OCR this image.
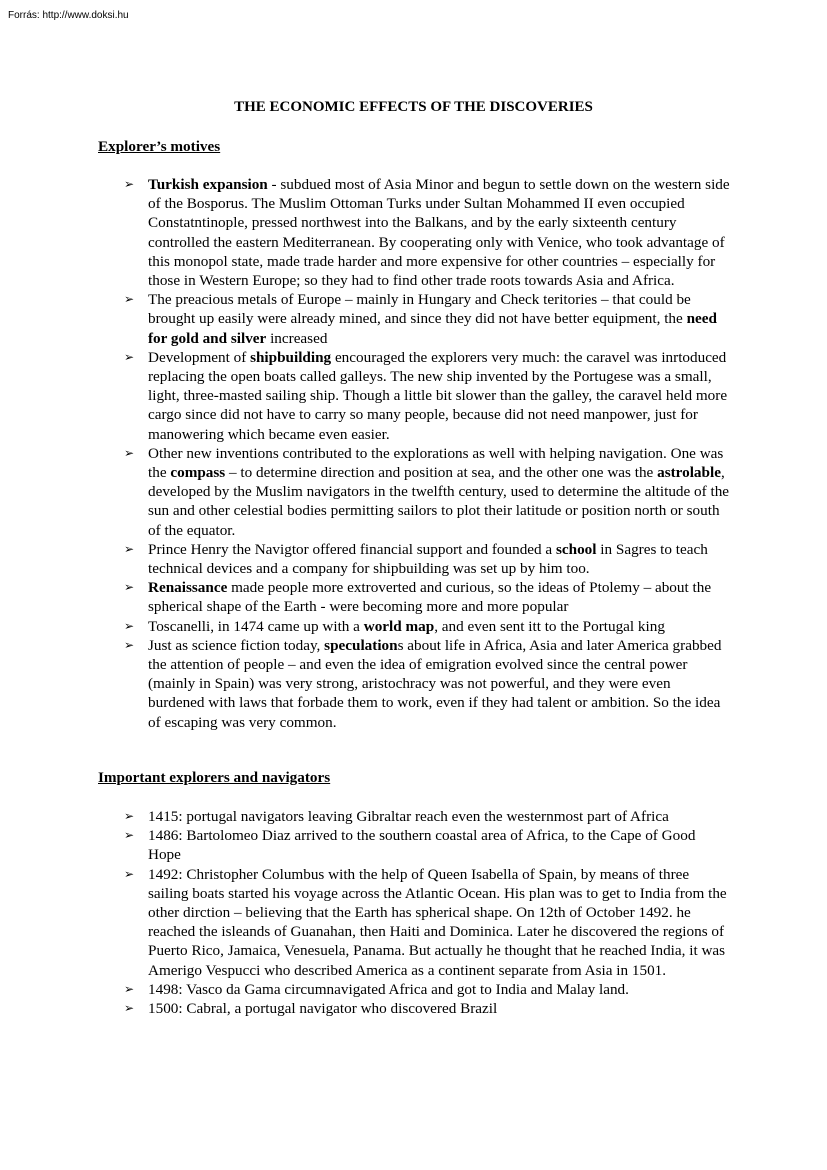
Forrás: http://www.doksi.hu
THE ECONOMIC EFFECTS OF THE DISCOVERIES
Explorer’s motives
➢ Turkish expansion - subdued most of Asia Minor and begun to settle down on the western side of the Bosporus. The Muslim Ottoman Turks under Sultan Mohammed II even occupied Constatntinople, pressed northwest into the Balkans, and by the early sixteenth century controlled the eastern Mediterranean. By cooperating only with Venice, who took advantage of this monopol state, made trade harder and more expensive for other countries – especially for those in Western Europe; so they had to find other trade roots towards Asia and Africa.
➢ The preacious metals of Europe – mainly in Hungary and Check teritories – that could be brought up easily were already mined, and since they did not have better equipment, the need for gold and silver increased
➢ Development of shipbuilding encouraged the explorers very much: the caravel was inrtoduced replacing the open boats called galleys. The new ship invented by the Portugese was a small, light, three-masted sailing ship. Though a little bit slower than the galley, the caravel held more cargo since did not have to carry so many people, because did not need manpower, just for manowering which became even easier.
➢ Other new inventions contributed to the explorations as well with helping navigation. One was the compass – to determine direction and position at sea, and the other one was the astrolable, developed by the Muslim navigators in the twelfth century, used to determine the altitude of the sun and other celestial bodies permitting sailors to plot their latitude or position north or south of the equator.
➢ Prince Henry the Navigtor offered financial support and founded a school in Sagres to teach technical devices and a company for shipbuilding was set up by him too.
➢ Renaissance made people more extroverted and curious, so the ideas of Ptolemy – about the spherical shape of the Earth - were becoming more and more popular
➢ Toscanelli, in 1474 came up with a world map, and even sent itt to the Portugal king
➢ Just as science fiction today, speculations about life in Africa, Asia and later America grabbed the attention of people – and even the idea of emigration evolved since the central power (mainly in Spain) was very strong, aristochracy was not powerful, and they were even burdened with laws that forbade them to work, even if they had talent or ambition. So the idea of escaping was very common.
Important explorers and navigators
➢ 1415: portugal navigators leaving Gibraltar reach even the westernmost part of Africa
➢ 1486: Bartolomeo Diaz arrived to the southern coastal area of Africa, to the Cape of Good Hope
➢ 1492: Christopher Columbus with the help of Queen Isabella of Spain, by means of three sailing boats started his voyage across the Atlantic Ocean. His plan was to get to India from the other dirction – believing that the Earth has spherical shape. On 12th of October 1492. he reached the isleands of Guanahan, then Haiti and Dominica. Later he discovered the regions of Puerto Rico, Jamaica, Venesuela, Panama. But actually he thought that he reached India, it was Amerigo Vespucci who described America as a continent separate from Asia in 1501.
➢ 1498: Vasco da Gama circumnavigated Africa and got to India and Malay land.
➢ 1500: Cabral, a portugal navigator who discovered Brazil
